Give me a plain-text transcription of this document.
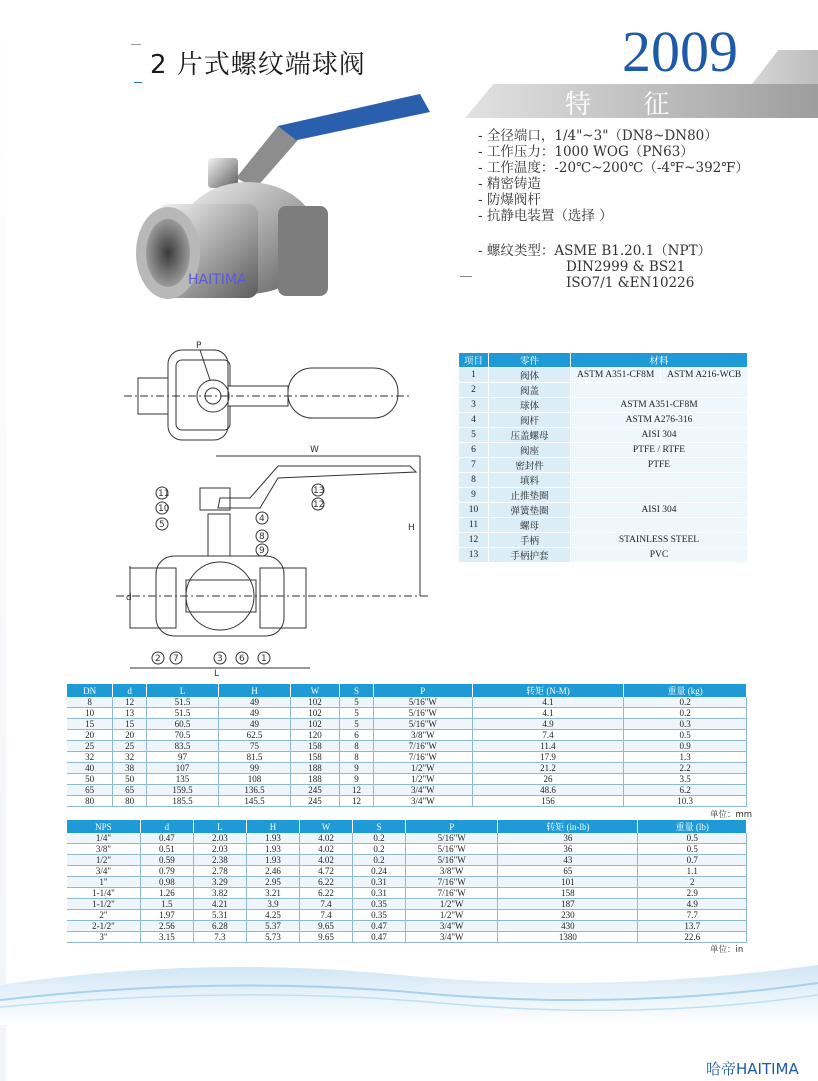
2 片式螺纹端球阀	2009
特 征
- 全径端口，1/4"~3"（DN8~DN80）
- 工作压力：1000 WOG（PN63）
- 工作温度：-20℃~200℃（-4℉~392℉）
- 精密铸造
- 防爆阀杆
- 抗静电装置（选择 ）
- 螺纹类型：ASME B1.20.1（NPT）
DIN2999 & BS21
ISO7/1 &EN10226
HAITIMA
P
W
H
L
d
11
10
5
4
8
9
13
12
2 7	3 6 1
项目	零件	材料	
1	阀体	ASTM A351-CF8M	ASTM A216-WCB
2	阀盖		
3	球体	ASTM A351-CF8M	
4	阀杆	ASTM A276-316	
5	压盖螺母	AISI 304	
6	阀座	PTFE / RTFE	
7	密封件	PTFE	
8	填料		
9	止推垫圈		
10	弹簧垫圈	AISI 304	
11	螺母		
12	手柄	STAINLESS STEEL	
13	手柄护套	PVC	
DN	d	L	H	W	S	P	转矩 (N-M)	重量 (kg)
8	12	51.5	49	102	5	5/16"W	4.1	0.2
10	13	51.5	49	102	5	5/16"W	4.1	0.2
15	15	60.5	49	102	5	5/16"W	4.9	0.3
20	20	70.5	62.5	120	6	3/8"W	7.4	0.5
25	25	83.5	75	158	8	7/16"W	11.4	0.9
32	32	97	81.5	158	8	7/16"W	17.9	1.3
40	38	107	99	188	9	1/2"W	21.2	2.2
50	50	135	108	188	9	1/2"W	26	3.5
65	65	159.5	136.5	245	12	3/4"W	48.6	6.2
80	80	185.5	145.5	245	12	3/4"W	156	10.3
单位：mm
NPS	d	L	H	W	S	P	转矩 (in-lb)	重量 (lb)
1/4"	0.47	2.03	1.93	4.02	0.2	5/16"W	36	0.5
3/8"	0.51	2.03	1.93	4.02	0.2	5/16"W	36	0.5
1/2"	0.59	2.38	1.93	4.02	0.2	5/16"W	43	0.7
3/4"	0.79	2.78	2.46	4.72	0.24	3/8"W	65	1.1
1"	0.98	3.29	2.95	6.22	0.31	7/16"W	101	2
1-1/4"	1.26	3.82	3.21	6.22	0.31	7/16"W	158	2.9
1-1/2"	1.5	4.21	3.9	7.4	0.35	1/2"W	187	4.9
2"	1.97	5.31	4.25	7.4	0.35	1/2"W	230	7.7
2-1/2"	2.56	6.28	5.37	9.65	0.47	3/4"W	430	13.7
3"	3.15	7.3	5.73	9.65	0.47	3/4"W	1380	22.6
单位：in
哈帝HAITIMA
